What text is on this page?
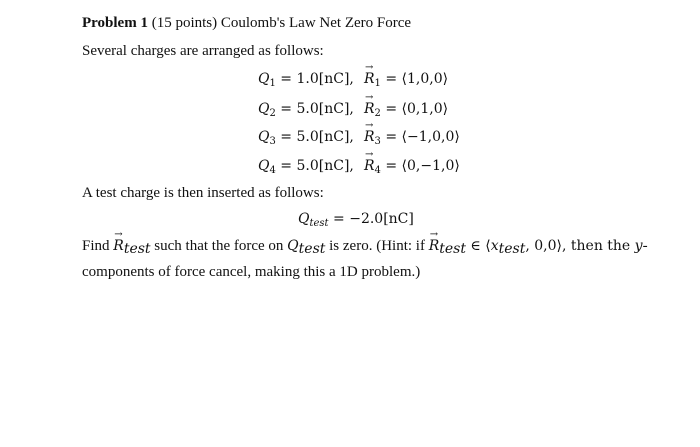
Problem 1 (15 points) Coulomb's Law Net Zero Force
Several charges are arranged as follows:
$Q_1 = 1.0[nC]$, → $R_1$ = ⟨1,0,0⟩
$Q_2 = 5.0[nC]$, → $R_2$ = ⟨0,1,0⟩
$Q_3 = 5.0[nC]$, → $R_3$ = ⟨−1,0,0⟩
$Q_4 = 5.0[nC]$, → $R_4$ = ⟨0,−1,0⟩
A test charge is then inserted as follows:
$Q_{test} = -2.0[nC]$
Find → $R_{test}$ such that the force on $Q_{test}$ is zero. (Hint: if → $R_{test}$ ∈ $⟨x_{test}$, 0,0⟩, then the y-
components of force cancel, making this a 1D problem.)
